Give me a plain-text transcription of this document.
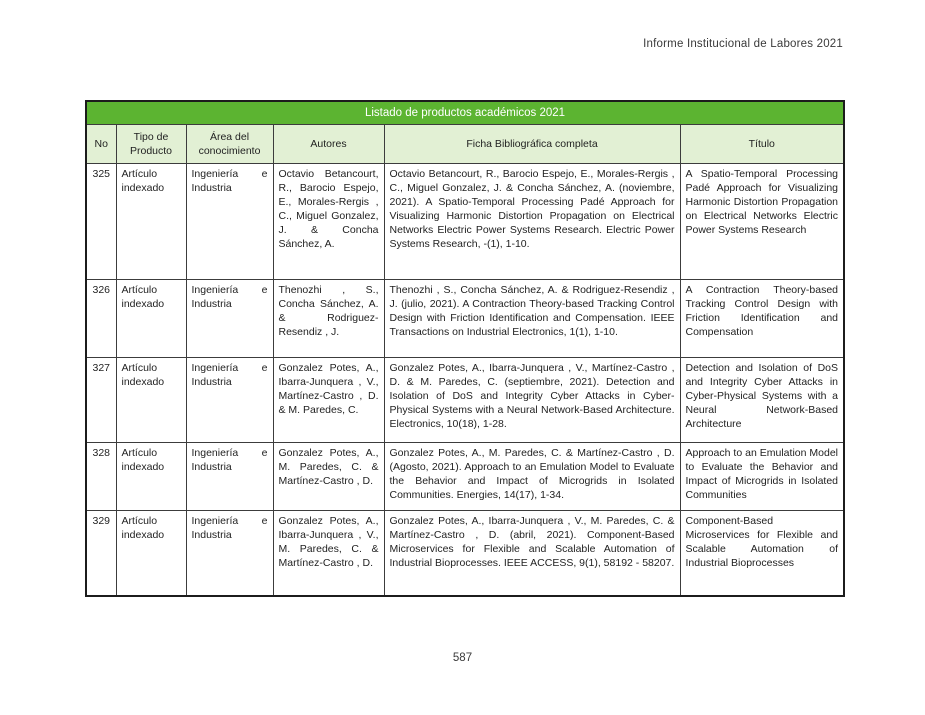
Informe Institucional de Labores 2021
Listado de productos académicos 2021					
No	Tipo de Producto	Área del conocimiento	Autores	Ficha Bibliográfica completa	Título
325	Artículo indexado	Ingeniería e Industria	Octavio Betancourt, R., Barocio Espejo, E., Morales-Rergis , C., Miguel Gonzalez, J. & Concha Sánchez, A.	Octavio Betancourt, R., Barocio Espejo, E., Morales-Rergis , C., Miguel Gonzalez, J. & Concha Sánchez, A. (noviembre, 2021). A Spatio-Temporal Processing Padé Approach for Visualizing Harmonic Distortion Propagation on Electrical Networks Electric Power Systems Research. Electric Power Systems Research, -(1), 1-10.	A Spatio-Temporal Processing Padé Approach for Visualizing Harmonic Distortion Propagation on Electrical Networks Electric Power Systems Research
326	Artículo indexado	Ingeniería e Industria	Thenozhi , S., Concha Sánchez, A. & Rodriguez-Resendiz , J.	Thenozhi , S., Concha Sánchez, A. & Rodriguez-Resendiz , J. (julio, 2021). A Contraction Theory-based Tracking Control Design with Friction Identification and Compensation. IEEE Transactions on Industrial Electronics, 1(1), 1-10.	A Contraction Theory-based Tracking Control Design with Friction Identification and Compensation
327	Artículo indexado	Ingeniería e Industria	Gonzalez Potes, A., Ibarra-Junquera , V., Martínez-Castro , D. & M. Paredes, C.	Gonzalez Potes, A., Ibarra-Junquera , V., Martínez-Castro , D. & M. Paredes, C. (septiembre, 2021). Detection and Isolation of DoS and Integrity Cyber Attacks in Cyber-Physical Systems with a Neural Network-Based Architecture. Electronics, 10(18), 1-28.	Detection and Isolation of DoS and Integrity Cyber Attacks in Cyber-Physical Systems with a Neural Network-Based Architecture
328	Artículo indexado	Ingeniería e Industria	Gonzalez Potes, A., M. Paredes, C. & Martínez-Castro , D.	Gonzalez Potes, A., M. Paredes, C. & Martínez-Castro , D. (Agosto, 2021). Approach to an Emulation Model to Evaluate the Behavior and Impact of Microgrids in Isolated Communities. Energies, 14(17), 1-34.	Approach to an Emulation Model to Evaluate the Behavior and Impact of Microgrids in Isolated Communities
329	Artículo indexado	Ingeniería e Industria	Gonzalez Potes, A., Ibarra-Junquera , V., M. Paredes, C. & Martínez-Castro , D.	Gonzalez Potes, A., Ibarra-Junquera , V., M. Paredes, C. & Martínez-Castro , D. (abril, 2021). Component-Based Microservices for Flexible and Scalable Automation of Industrial Bioprocesses. IEEE ACCESS, 9(1), 58192 - 58207.	Component-Based Microservices for Flexible and Scalable Automation of Industrial Bioprocesses
587
